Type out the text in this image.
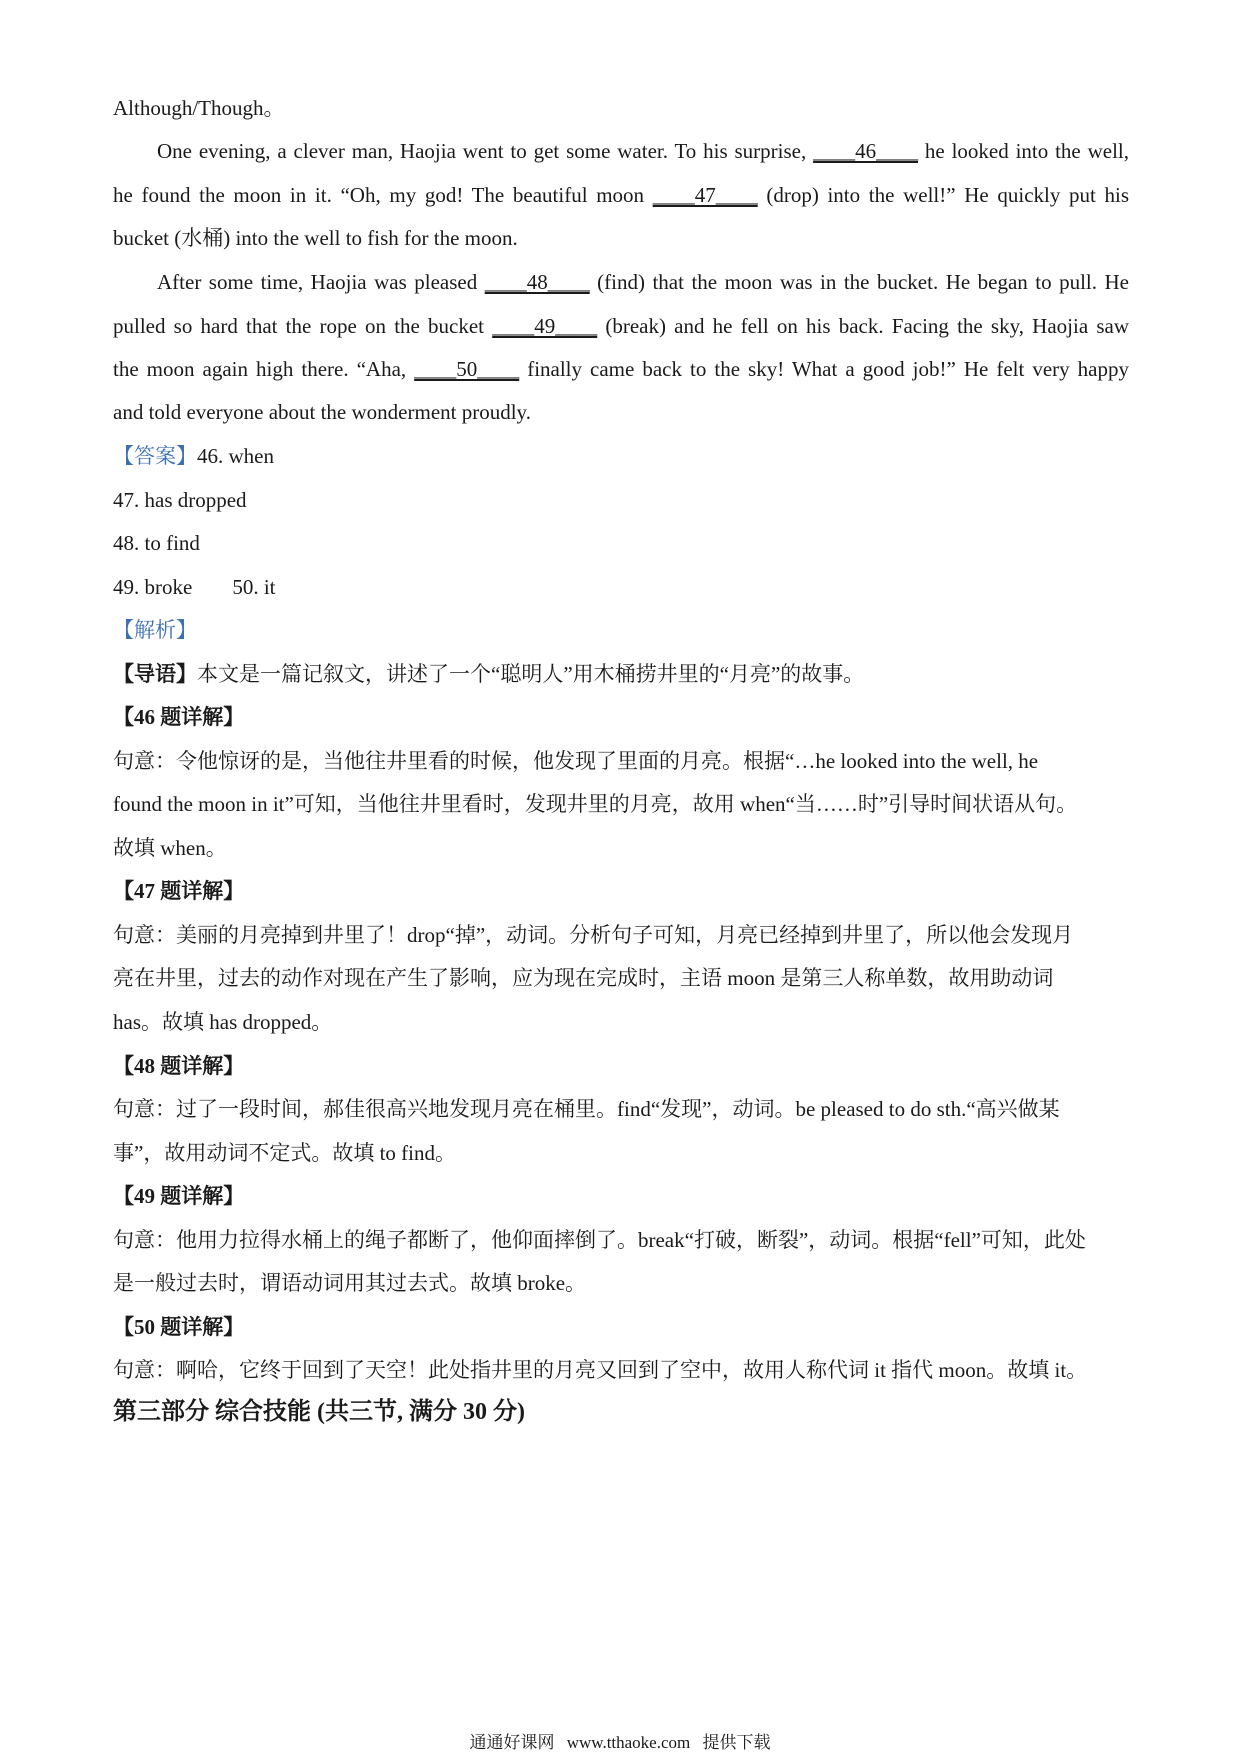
Although/Though。
One evening, a clever man, Haojia went to get some water. To his surprise, ____46____ he looked into the well,
he found the moon in it. “Oh, my god! The beautiful moon ____47____ (drop) into the well!” He quickly put his
bucket (水桶) into the well to fish for the moon.
After some time, Haojia was pleased ____48____ (find) that the moon was in the bucket. He began to pull. He
pulled so hard that the rope on the bucket ____49____ (break) and he fell on his back. Facing the sky, Haojia saw
the moon again high there. “Aha, ____50____ finally came back to the sky! What a good job!” He felt very happy
and told everyone about the wonderment proudly.
【答案】46. when
47. has dropped
48. to find
49. broke 50. it
【解析】
【导语】本文是一篇记叙文，讲述了一个“聪明人”用木桶捞井里的“月亮”的故事。
【46 题详解】
句意：令他惊讶的是，当他往井里看的时候，他发现了里面的月亮。根据“…he looked into the well, he
found the moon in it”可知，当他往井里看时，发现井里的月亮，故用 when“当……时”引导时间状语从句。
故填 when。
【47 题详解】
句意：美丽的月亮掉到井里了！drop“掉”，动词。分析句子可知，月亮已经掉到井里了，所以他会发现月
亮在井里，过去的动作对现在产生了影响，应为现在完成时，主语 moon 是第三人称单数，故用助动词
has。故填 has dropped。
【48 题详解】
句意：过了一段时间，郝佳很高兴地发现月亮在桶里。find“发现”，动词。be pleased to do sth.“高兴做某
事”，故用动词不定式。故填 to find。
【49 题详解】
句意：他用力拉得水桶上的绳子都断了，他仰面摔倒了。break“打破，断裂”，动词。根据“fell”可知，此处
是一般过去时，谓语动词用其过去式。故填 broke。
【50 题详解】
句意：啊哈，它终于回到了天空！此处指井里的月亮又回到了空中，故用人称代词 it 指代 moon。故填 it。
第三部分 综合技能 (共三节, 满分 30 分)
通通好课网 www.tthaoke.com 提供下载
